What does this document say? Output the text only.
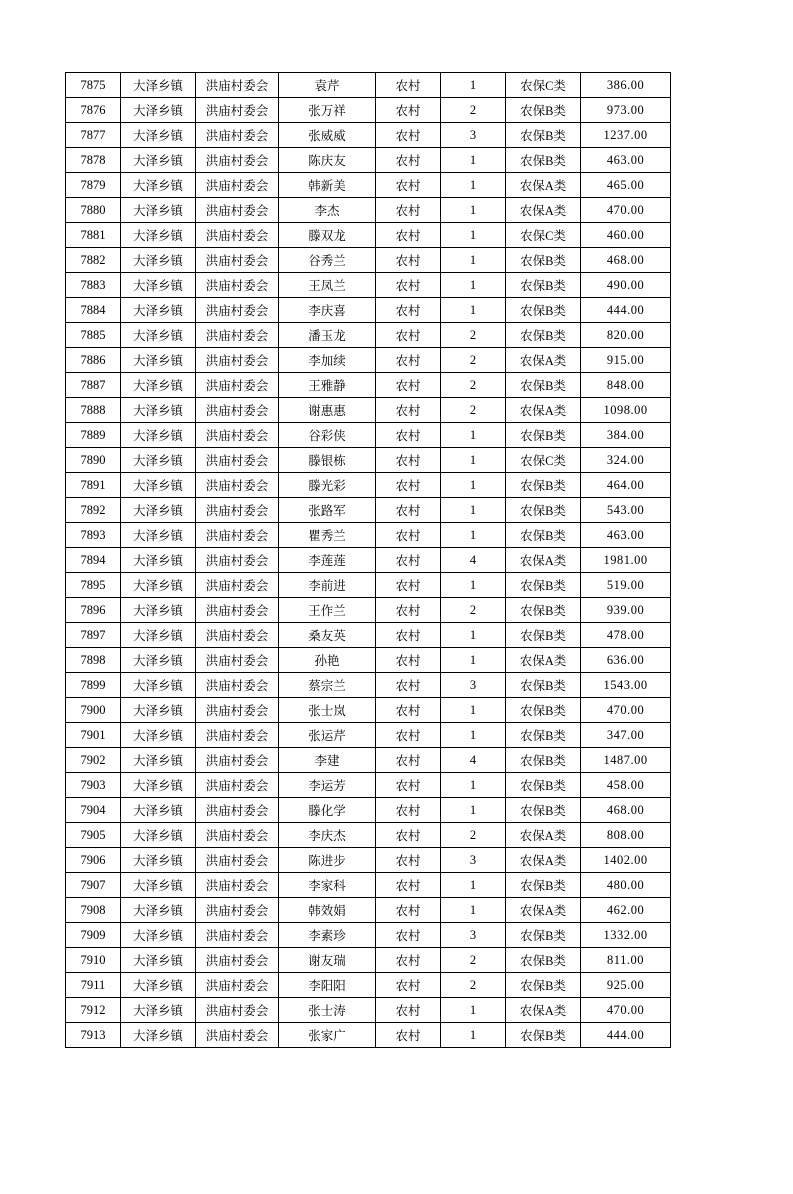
7875	大泽乡镇	洪庙村委会	袁芹	农村	1	农保C类	386.00
7876	大泽乡镇	洪庙村委会	张万祥	农村	2	农保B类	973.00
7877	大泽乡镇	洪庙村委会	张威威	农村	3	农保B类	1237.00
7878	大泽乡镇	洪庙村委会	陈庆友	农村	1	农保B类	463.00
7879	大泽乡镇	洪庙村委会	韩新美	农村	1	农保A类	465.00
7880	大泽乡镇	洪庙村委会	李杰	农村	1	农保A类	470.00
7881	大泽乡镇	洪庙村委会	滕双龙	农村	1	农保C类	460.00
7882	大泽乡镇	洪庙村委会	谷秀兰	农村	1	农保B类	468.00
7883	大泽乡镇	洪庙村委会	王凤兰	农村	1	农保B类	490.00
7884	大泽乡镇	洪庙村委会	李庆喜	农村	1	农保B类	444.00
7885	大泽乡镇	洪庙村委会	潘玉龙	农村	2	农保B类	820.00
7886	大泽乡镇	洪庙村委会	李加续	农村	2	农保A类	915.00
7887	大泽乡镇	洪庙村委会	王雅静	农村	2	农保B类	848.00
7888	大泽乡镇	洪庙村委会	谢惠惠	农村	2	农保A类	1098.00
7889	大泽乡镇	洪庙村委会	谷彩侠	农村	1	农保B类	384.00
7890	大泽乡镇	洪庙村委会	滕银栋	农村	1	农保C类	324.00
7891	大泽乡镇	洪庙村委会	滕光彩	农村	1	农保B类	464.00
7892	大泽乡镇	洪庙村委会	张路军	农村	1	农保B类	543.00
7893	大泽乡镇	洪庙村委会	瞿秀兰	农村	1	农保B类	463.00
7894	大泽乡镇	洪庙村委会	李莲莲	农村	4	农保A类	1981.00
7895	大泽乡镇	洪庙村委会	李前进	农村	1	农保B类	519.00
7896	大泽乡镇	洪庙村委会	王作兰	农村	2	农保B类	939.00
7897	大泽乡镇	洪庙村委会	桑友英	农村	1	农保B类	478.00
7898	大泽乡镇	洪庙村委会	孙艳	农村	1	农保A类	636.00
7899	大泽乡镇	洪庙村委会	蔡宗兰	农村	3	农保B类	1543.00
7900	大泽乡镇	洪庙村委会	张士岚	农村	1	农保B类	470.00
7901	大泽乡镇	洪庙村委会	张运芹	农村	1	农保B类	347.00
7902	大泽乡镇	洪庙村委会	李建	农村	4	农保B类	1487.00
7903	大泽乡镇	洪庙村委会	李运芳	农村	1	农保B类	458.00
7904	大泽乡镇	洪庙村委会	滕化学	农村	1	农保B类	468.00
7905	大泽乡镇	洪庙村委会	李庆杰	农村	2	农保A类	808.00
7906	大泽乡镇	洪庙村委会	陈进步	农村	3	农保A类	1402.00
7907	大泽乡镇	洪庙村委会	李家科	农村	1	农保B类	480.00
7908	大泽乡镇	洪庙村委会	韩效娟	农村	1	农保A类	462.00
7909	大泽乡镇	洪庙村委会	李素珍	农村	3	农保B类	1332.00
7910	大泽乡镇	洪庙村委会	谢友瑞	农村	2	农保B类	811.00
7911	大泽乡镇	洪庙村委会	李阳阳	农村	2	农保B类	925.00
7912	大泽乡镇	洪庙村委会	张士涛	农村	1	农保A类	470.00
7913	大泽乡镇	洪庙村委会	张家广	农村	1	农保B类	444.00
